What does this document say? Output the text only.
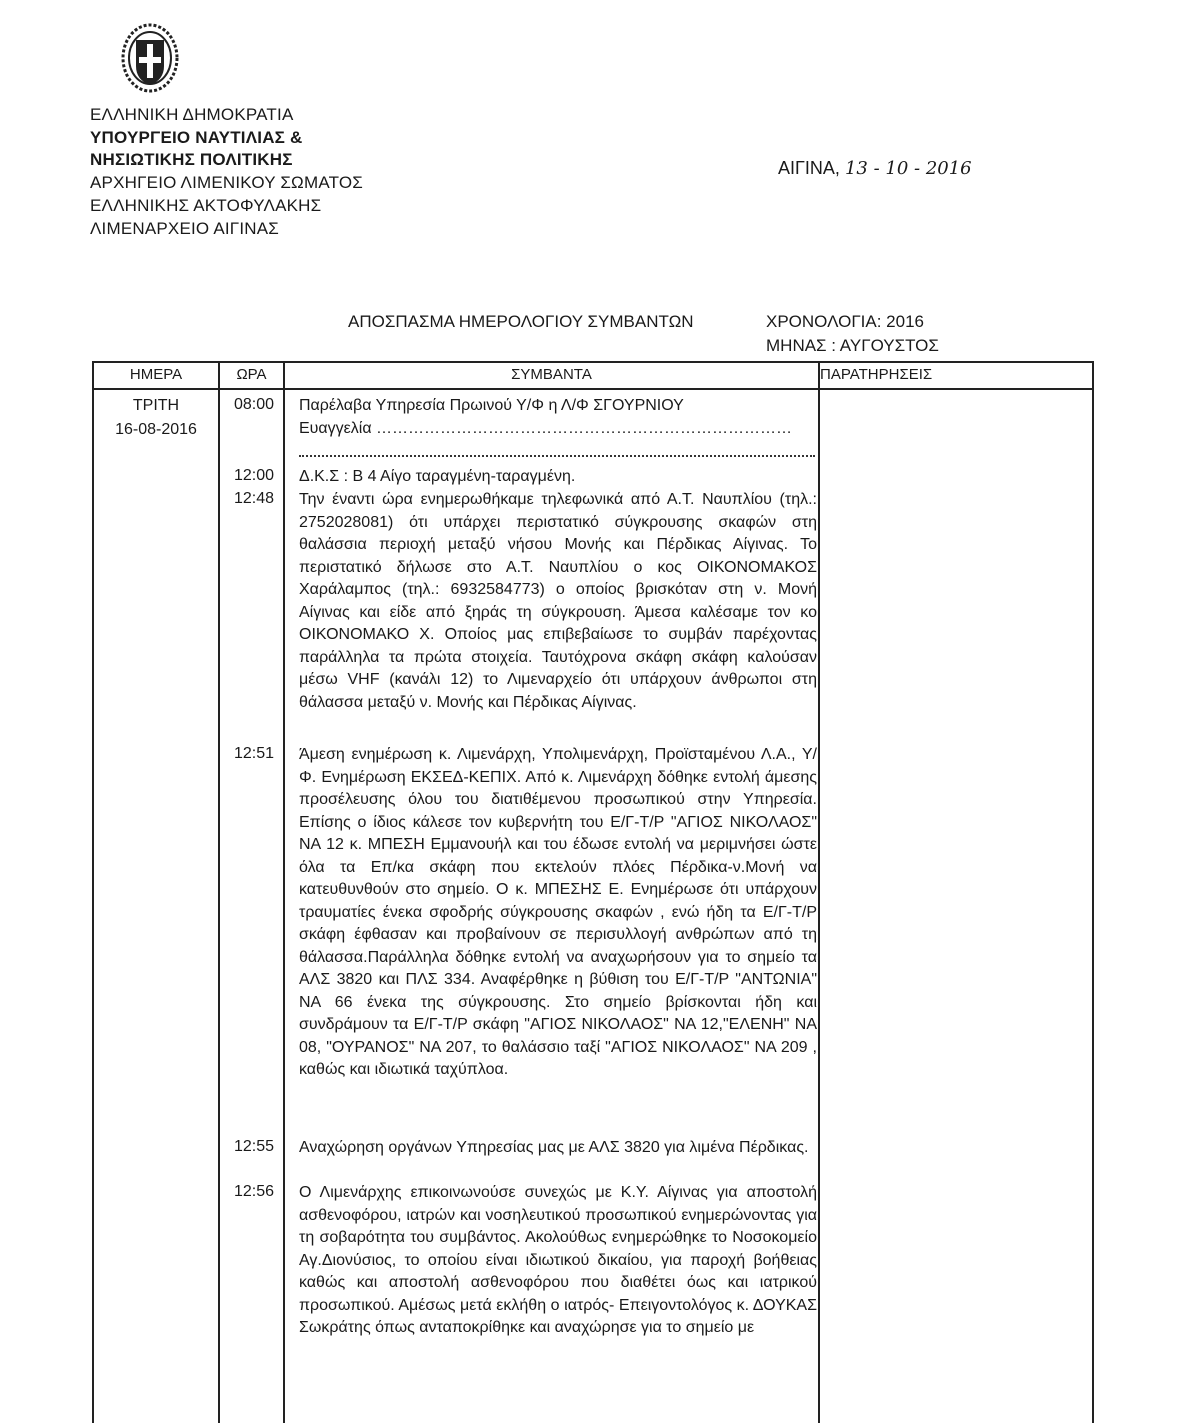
ΕΛΛΗΝΙΚΗ ΔΗΜΟΚΡΑΤΙΑ
ΥΠΟΥΡΓΕΙΟ ΝΑΥΤΙΛΙΑΣ &
ΝΗΣΙΩΤΙΚΗΣ ΠΟΛΙΤΙΚΗΣ
ΑΡΧΗΓΕΙΟ ΛΙΜΕΝΙΚΟΥ ΣΩΜΑΤΟΣ
ΕΛΛΗΝΙΚΗΣ ΑΚΤΟΦΥΛΑΚΗΣ
ΛΙΜΕΝΑΡΧΕΙΟ ΑΙΓΙΝΑΣ
ΑΙΓΙΝΑ, 13 - 10 - 2016
ΑΠΟΣΠΑΣΜΑ ΗΜΕΡΟΛΟΓΙΟΥ ΣΥΜΒΑΝΤΩΝ	ΧΡΟΝΟΛΟΓΙΑ: 2016
ΜΗΝΑΣ : ΑΥΓΟΥΣΤΟΣ
ΗΜΕΡΑ	ΩΡΑ	ΣΥΜΒΑΝΤΑ	ΠΑΡΑΤΗΡΗΣΕΙΣ
ΤΡΙΤΗ
16-08-2016
08:00	Παρέλαβα Υπηρεσία Πρωινού Υ/Φ η Λ/Φ ΣΓΟΥΡΝΙΟΥ
Ευαγγελία ……………………………………………………………………
12:00	Δ.Κ.Σ : Β 4 Αίγο ταραγμένη-ταραγμένη.
12:48	Την έναντι ώρα ενημερωθήκαμε τηλεφωνικά από Α.Τ. Ναυπλίου (τηλ.: 2752028081) ότι υπάρχει περιστατικό σύγκρουσης σκαφών στη θαλάσσια περιοχή μεταξύ νήσου Μονής και Πέρδικας Αίγινας. Το περιστατικό δήλωσε στο Α.Τ. Ναυπλίου ο κος ΟΙΚΟΝΟΜΑΚΟΣ Χαράλαμπος (τηλ.: 6932584773) ο οποίος βρισκόταν στη ν. Μονή Αίγινας και είδε από ξηράς τη σύγκρουση. Άμεσα καλέσαμε τον κο ΟΙΚΟΝΟΜΑΚΟ Χ. Οποίος μας επιβεβαίωσε το συμβάν παρέχοντας παράλληλα τα πρώτα στοιχεία. Ταυτόχρονα σκάφη σκάφη καλούσαν μέσω VHF (κανάλι 12) το Λιμεναρχείο ότι υπάρχουν άνθρωποι στη θάλασσα μεταξύ ν. Μονής και Πέρδικας Αίγινας.
12:51	Άμεση ενημέρωση κ. Λιμενάρχη, Υπολιμενάρχη, Προϊσταμένου Λ.Α., Υ/Φ. Ενημέρωση ΕΚΣΕΔ-ΚΕΠΙΧ. Από κ. Λιμενάρχη δόθηκε εντολή άμεσης προσέλευσης όλου του διατιθέμενου προσωπικού στην Υπηρεσία. Επίσης ο ίδιος κάλεσε τον κυβερνήτη του Ε/Γ-Τ/Ρ "ΑΓΙΟΣ ΝΙΚΟΛΑΟΣ" ΝΑ 12 κ. ΜΠΕΣΗ Εμμανουήλ και του έδωσε εντολή να μεριμνήσει ώστε όλα τα Επ/κα σκάφη που εκτελούν πλόες Πέρδικα-ν.Μονή να κατευθυνθούν στο σημείο. Ο κ. ΜΠΕΣΗΣ Ε. Ενημέρωσε ότι υπάρχουν τραυματίες ένεκα σφοδρής σύγκρουσης σκαφών , ενώ ήδη τα Ε/Γ-Τ/Ρ σκάφη έφθασαν και προβαίνουν σε περισυλλογή ανθρώπων από τη θάλασσα.Παράλληλα δόθηκε εντολή να αναχωρήσουν για το σημείο τα ΑΛΣ 3820 και ΠΛΣ 334. Αναφέρθηκε η βύθιση του Ε/Γ-Τ/Ρ "ΑΝΤΩΝΙΑ" ΝΑ 66 ένεκα της σύγκρουσης. Στο σημείο βρίσκονται ήδη και συνδράμουν τα Ε/Γ-Τ/Ρ σκάφη "ΑΓΙΟΣ ΝΙΚΟΛΑΟΣ" ΝΑ 12,"ΕΛΕΝΗ" ΝΑ 08, "ΟΥΡΑΝΟΣ" ΝΑ 207, το θαλάσσιο ταξί "ΑΓΙΟΣ ΝΙΚΟΛΑΟΣ" ΝΑ 209 , καθώς και ιδιωτικά ταχύπλοα.
12:55	Αναχώρηση οργάνων Υπηρεσίας μας με ΑΛΣ 3820 για λιμένα Πέρδικας.
12:56	Ο Λιμενάρχης επικοινωνούσε συνεχώς με Κ.Υ. Αίγινας για αποστολή ασθενοφόρου, ιατρών και νοσηλευτικού προσωπικού ενημερώνοντας για τη σοβαρότητα του συμβάντος. Ακολούθως ενημερώθηκε το Νοσοκομείο Αγ.Διονύσιος, το οποίου είναι ιδιωτικού δικαίου, για παροχή βοήθειας καθώς και αποστολή ασθενοφόρου που διαθέτει όως και ιατρικού προσωπικού. Αμέσως μετά εκλήθη ο ιατρός- Επειγοντολόγος κ. ΔΟΥΚΑΣ Σωκράτης όπως ανταποκρίθηκε και αναχώρησε για το σημείο με
